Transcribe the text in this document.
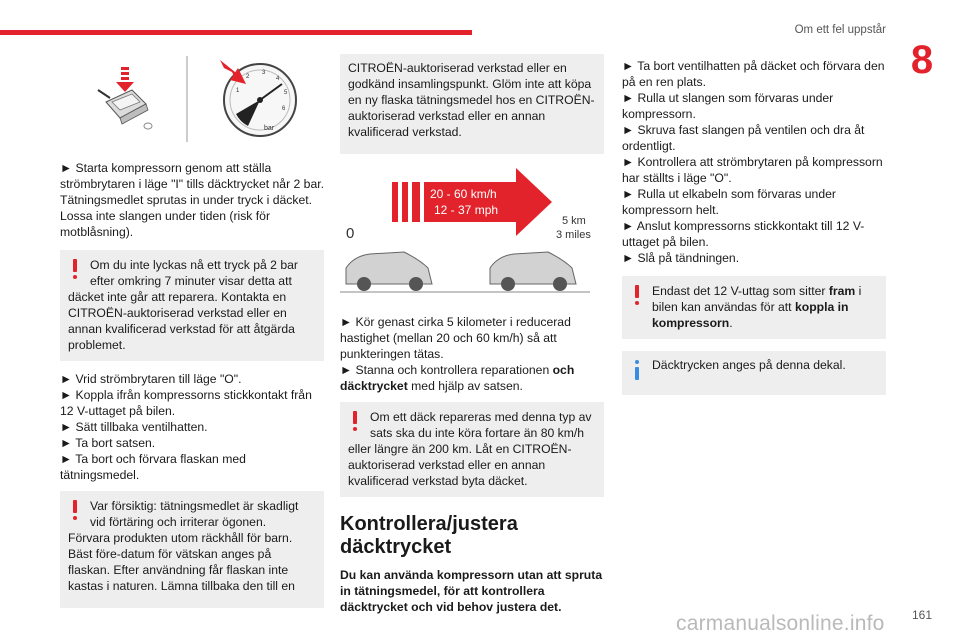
Om ett fel uppstår
8
1
2
3
4
5
6
bar

► Starta kompressorn genom att ställa strömbrytaren i läge "I" tills däcktrycket når 2 bar. Tätningsmedlet sprutas in under tryck i däcket. Lossa inte slangen under tiden (risk för motblåsning).

Om du inte lyckas nå ett tryck på 2 bar efter omkring 7 minuter visar detta att

däcket inte går att reparera. Kontakta en CITROËN-auktoriserad verkstad eller en annan kvalificerad verkstad för att åtgärda problemet.

► Vrid strömbrytaren till läge "O".

► Koppla ifrån kompressorns stickkontakt från 12 V-uttaget på bilen.

► Sätt tillbaka ventilhatten.

► Ta bort satsen.

► Ta bort och förvara flaskan med tätningsmedel.

Var försiktig: tätningsmedlet är skadligt vid förtäring och irriterar ögonen.

Förvara produkten utom räckhåll för barn. Bäst före-datum för vätskan anges på flaskan. Efter användning får flaskan inte kastas i naturen. Lämna tillbaka den till en

CITROËN-auktoriserad verkstad eller en godkänd insamlingspunkt. Glöm inte att köpa en ny flaska tätningsmedel hos en CITROËN-auktoriserad verkstad eller en annan kvalificerad verkstad.

20 - 60 km/h
12 - 37 mph
5 km
3 miles
0

► Kör genast cirka 5 kilometer i reducerad hastighet (mellan 20 och 60 km/h) så att punkteringen tätas.

► Stanna och kontrollera reparationen och däcktrycket med hjälp av satsen.

Om ett däck repareras med denna typ av sats ska du inte köra fortare än 80 km/h

eller längre än 200 km. Låt en CITROËN-auktoriserad verkstad eller en annan kvalificerad verkstad byta däcket.

Kontrollera/justera däcktrycket

Du kan använda kompressorn utan att spruta in tätningsmedel, för att kontrollera däcktrycket och vid behov justera det.

► Ta bort ventilhatten på däcket och förvara den på en ren plats.

► Rulla ut slangen som förvaras under kompressorn.

► Skruva fast slangen på ventilen och dra åt ordentligt.

► Kontrollera att strömbrytaren på kompressorn har ställts i läge "O".

► Rulla ut elkabeln som förvaras under kompressorn helt.

► Anslut kompressorns stickkontakt till 12 V-uttaget på bilen.

► Slå på tändningen.

Endast det 12 V-uttag som sitter fram i bilen kan användas för att koppla in kompressorn.

Däcktrycken anges på denna dekal.

carmanualsonline.info 161
